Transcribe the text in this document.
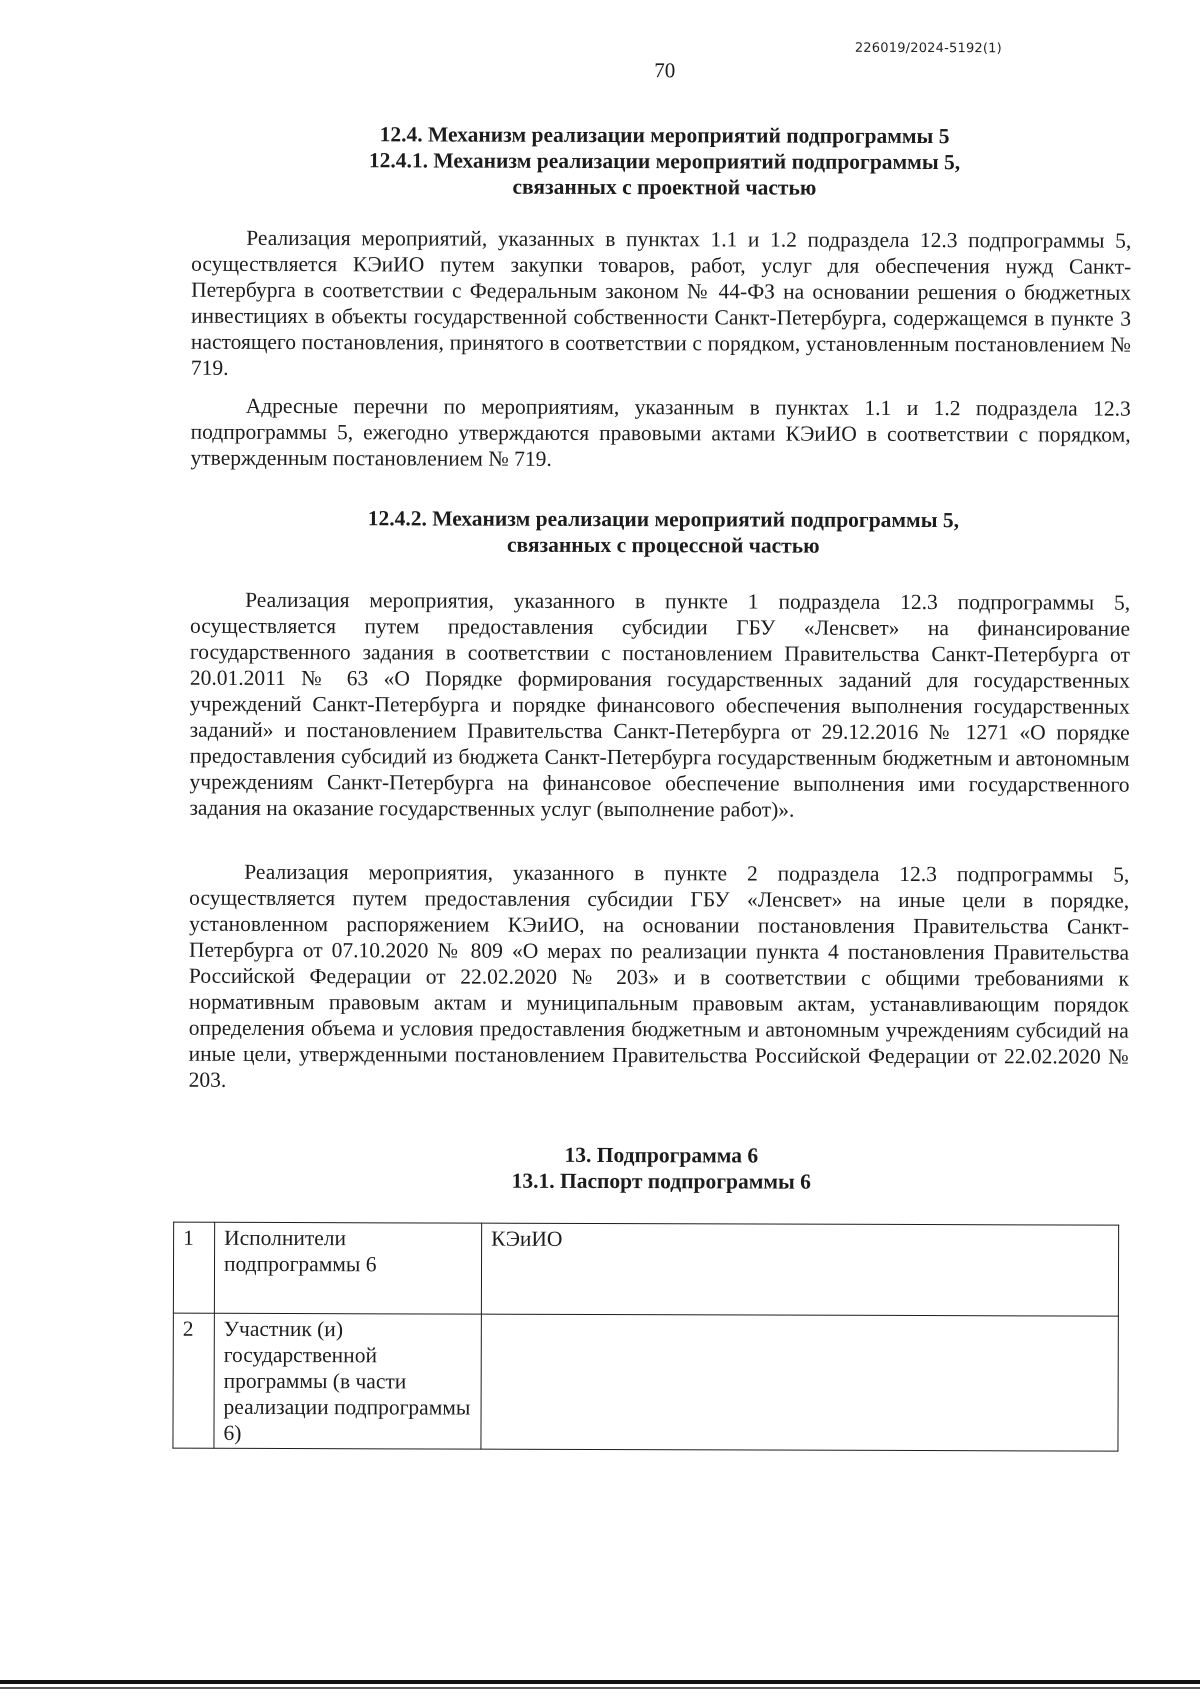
226019/2024-5192(1)
70
12.4. Механизм реализации мероприятий подпрограммы 5
12.4.1. Механизм реализации мероприятий подпрограммы 5,
связанных с проектной частью

Реализация мероприятий, указанных в пунктах 1.1 и 1.2 подраздела 12.3 подпрограммы 5, осуществляется КЭиИО путем закупки товаров, работ, услуг для обеспечения нужд Санкт-Петербурга в соответствии с Федеральным законом № 44-ФЗ на основании решения о бюджетных инвестициях в объекты государственной собственности Санкт-Петербурга, содержащемся в пункте 3 настоящего постановления, принятого в соответствии с порядком, установленным постановлением № 719.

Адресные перечни по мероприятиям, указанным в пунктах 1.1 и 1.2 подраздела 12.3 подпрограммы 5, ежегодно утверждаются правовыми актами КЭиИО в соответствии с порядком, утвержденным постановлением № 719.

12.4.2. Механизм реализации мероприятий подпрограммы 5,
связанных с процессной частью

Реализация мероприятия, указанного в пункте 1 подраздела 12.3 подпрограммы 5, осуществляется путем предоставления субсидии ГБУ «Ленсвет» на финансирование государственного задания в соответствии с постановлением Правительства Санкт-Петербурга от 20.01.2011 № 63 «О Порядке формирования государственных заданий для государственных учреждений Санкт-Петербурга и порядке финансового обеспечения выполнения государственных заданий» и постановлением Правительства Санкт-Петербурга от 29.12.2016 № 1271 «О порядке предоставления субсидий из бюджета Санкт-Петербурга государственным бюджетным и автономным учреждениям Санкт-Петербурга на финансовое обеспечение выполнения ими государственного задания на оказание государственных услуг (выполнение работ)».

Реализация мероприятия, указанного в пункте 2 подраздела 12.3 подпрограммы 5, осуществляется путем предоставления субсидии ГБУ «Ленсвет» на иные цели в порядке, установленном распоряжением КЭиИО, на основании постановления Правительства Санкт-Петербурга от 07.10.2020 № 809 «О мерах по реализации пункта 4 постановления Правительства Российской Федерации от 22.02.2020 № 203» и в соответствии с общими требованиями к нормативным правовым актам и муниципальным правовым актам, устанавливающим порядок определения объема и условия предоставления бюджетным и автономным учреждениям субсидий на иные цели, утвержденными постановлением Правительства Российской Федерации от 22.02.2020 № 203.

13. Подпрограмма 6
13.1. Паспорт подпрограммы 6
1	Исполнители подпрограммы 6	КЭиИО
2	Участник (и) государственной программы (в части реализации подпрограммы 6)	
